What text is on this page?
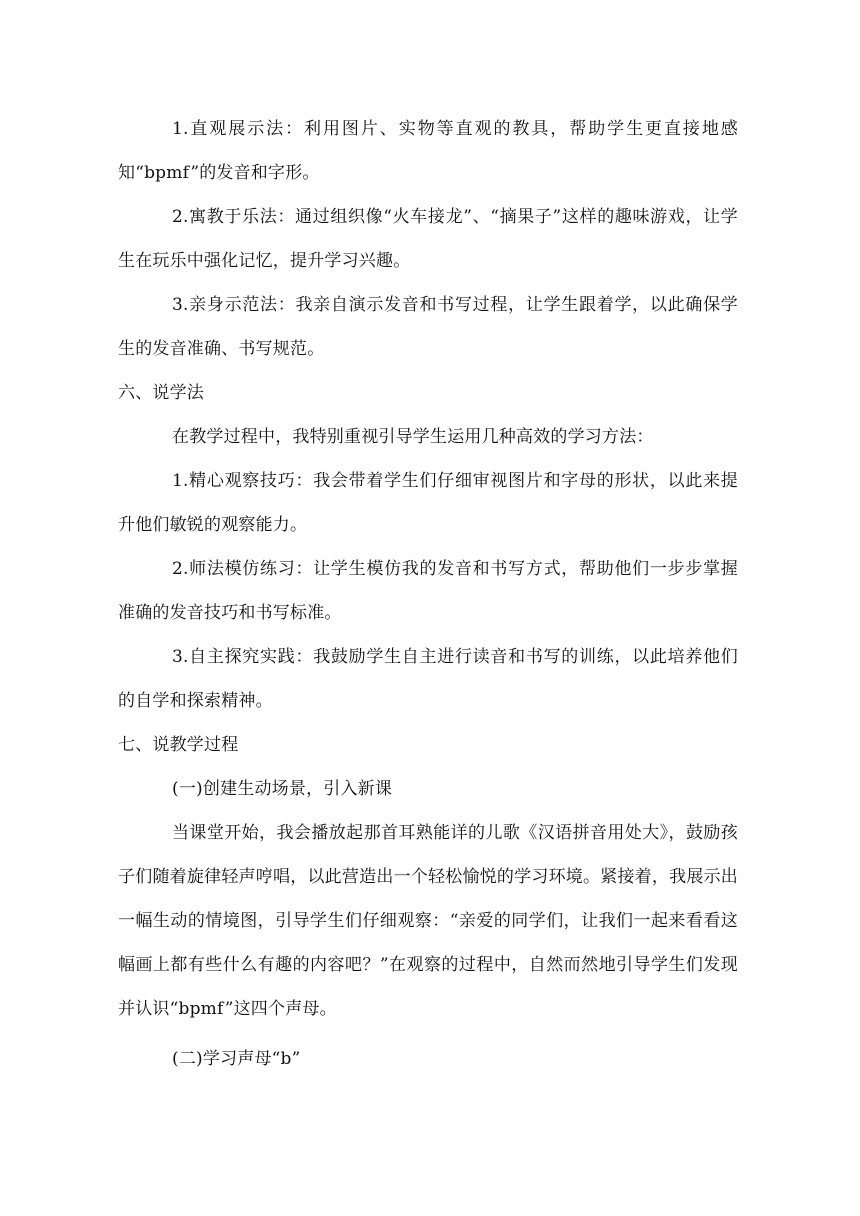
1.直观展示法：利用图片、实物等直观的教具，帮助学生更直接地感知“bpmf”的发音和字形。

2.寓教于乐法：通过组织像“火车接龙”、“摘果子”这样的趣味游戏，让学生在玩乐中强化记忆，提升学习兴趣。

3.亲身示范法：我亲自演示发音和书写过程，让学生跟着学，以此确保学生的发音准确、书写规范。

六、说学法

在教学过程中，我特别重视引导学生运用几种高效的学习方法：

1.精心观察技巧：我会带着学生们仔细审视图片和字母的形状，以此来提升他们敏锐的观察能力。

2.师法模仿练习：让学生模仿我的发音和书写方式，帮助他们一步步掌握准确的发音技巧和书写标准。

3.自主探究实践：我鼓励学生自主进行读音和书写的训练，以此培养他们的自学和探索精神。

七、说教学过程

(一)创建生动场景，引入新课

当课堂开始，我会播放起那首耳熟能详的儿歌《汉语拼音用处大》，鼓励孩子们随着旋律轻声哼唱，以此营造出一个轻松愉悦的学习环境。紧接着，我展示出一幅生动的情境图，引导学生们仔细观察：“亲爱的同学们，让我们一起来看看这幅画上都有些什么有趣的内容吧？”在观察的过程中，自然而然地引导学生们发现并认识“bpmf”这四个声母。

(二)学习声母“b”
